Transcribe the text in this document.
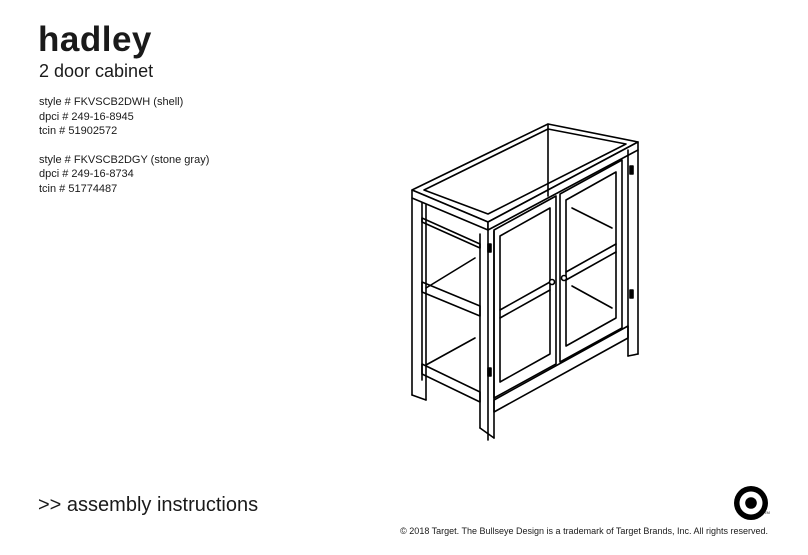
hadley
2 door cabinet
style # FKVSCB2DWH (shell)
dpci # 249-16-8945
tcin # 51902572
style # FKVSCB2DGY (stone gray)
dpci # 249-16-8734
tcin # 51774487
>> assembly instructions	TM
© 2018 Target. The Bullseye Design is a trademark of Target Brands, Inc. All rights reserved.
